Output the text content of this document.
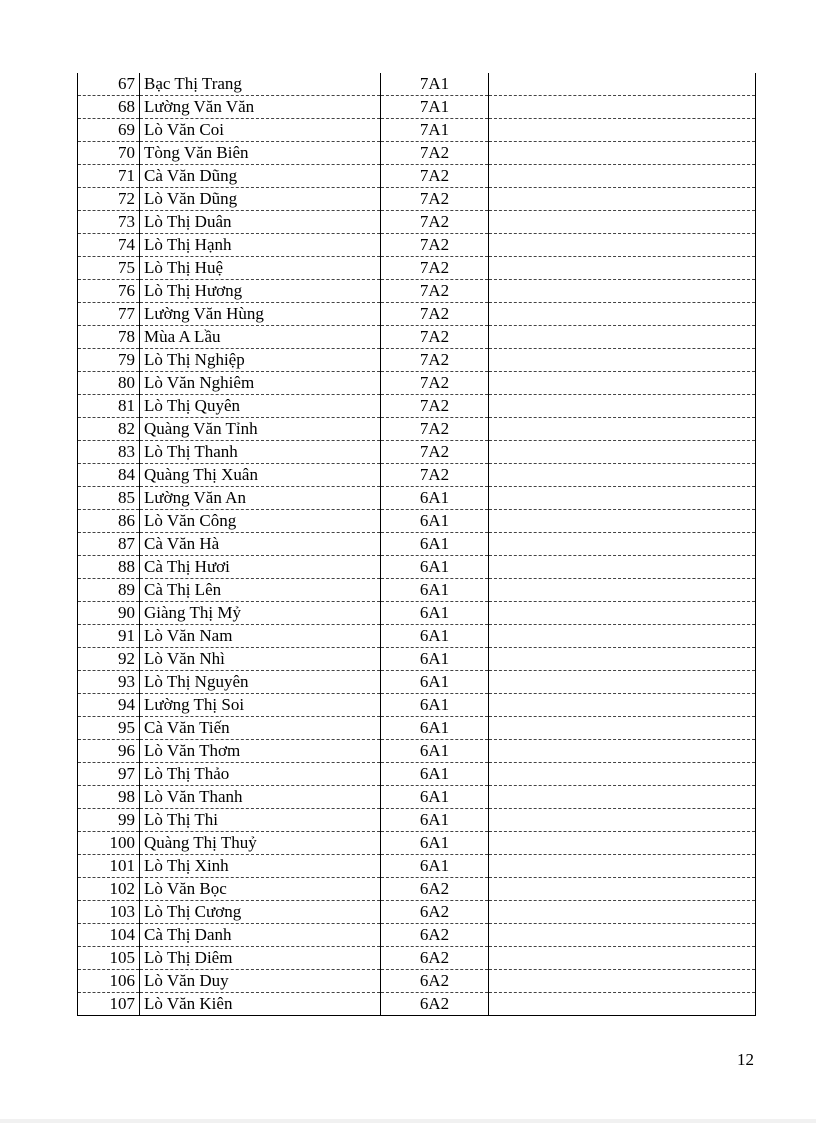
67	Bạc Thị Trang	7A1	
68	Lường Văn Văn	7A1	
69	Lò Văn Coi	7A1	
70	Tòng Văn Biên	7A2	
71	Cà Văn Dũng	7A2	
72	Lò Văn Dũng	7A2	
73	Lò Thị Duân	7A2	
74	Lò Thị Hạnh	7A2	
75	Lò Thị Huệ	7A2	
76	Lò Thị Hương	7A2	
77	Lường Văn Hùng	7A2	
78	Mùa A Lầu	7A2	
79	Lò Thị Nghiệp	7A2	
80	Lò Văn Nghiêm	7A2	
81	Lò Thị Quyên	7A2	
82	Quàng Văn Tỉnh	7A2	
83	Lò Thị Thanh	7A2	
84	Quàng Thị Xuân	7A2	
85	Lường Văn An	6A1	
86	Lò Văn Công	6A1	
87	Cà Văn Hà	6A1	
88	Cà Thị Hươi	6A1	
89	Cà Thị Lên	6A1	
90	Giàng Thị Mỷ	6A1	
91	Lò Văn Nam	6A1	
92	Lò Văn Nhì	6A1	
93	Lò Thị Nguyên	6A1	
94	Lường Thị Soi	6A1	
95	Cà Văn Tiến	6A1	
96	Lò Văn Thơm	6A1	
97	Lò Thị Thảo	6A1	
98	Lò Văn Thanh	6A1	
99	Lò Thị Thi	6A1	
100	Quàng Thị Thuỷ	6A1	
101	Lò Thị Xinh	6A1	
102	Lò Văn Bọc	6A2	
103	Lò Thị Cương	6A2	
104	Cà Thị Danh	6A2	
105	Lò Thị Diêm	6A2	
106	Lò Văn Duy	6A2	
107	Lò Văn Kiên	6A2	
12
